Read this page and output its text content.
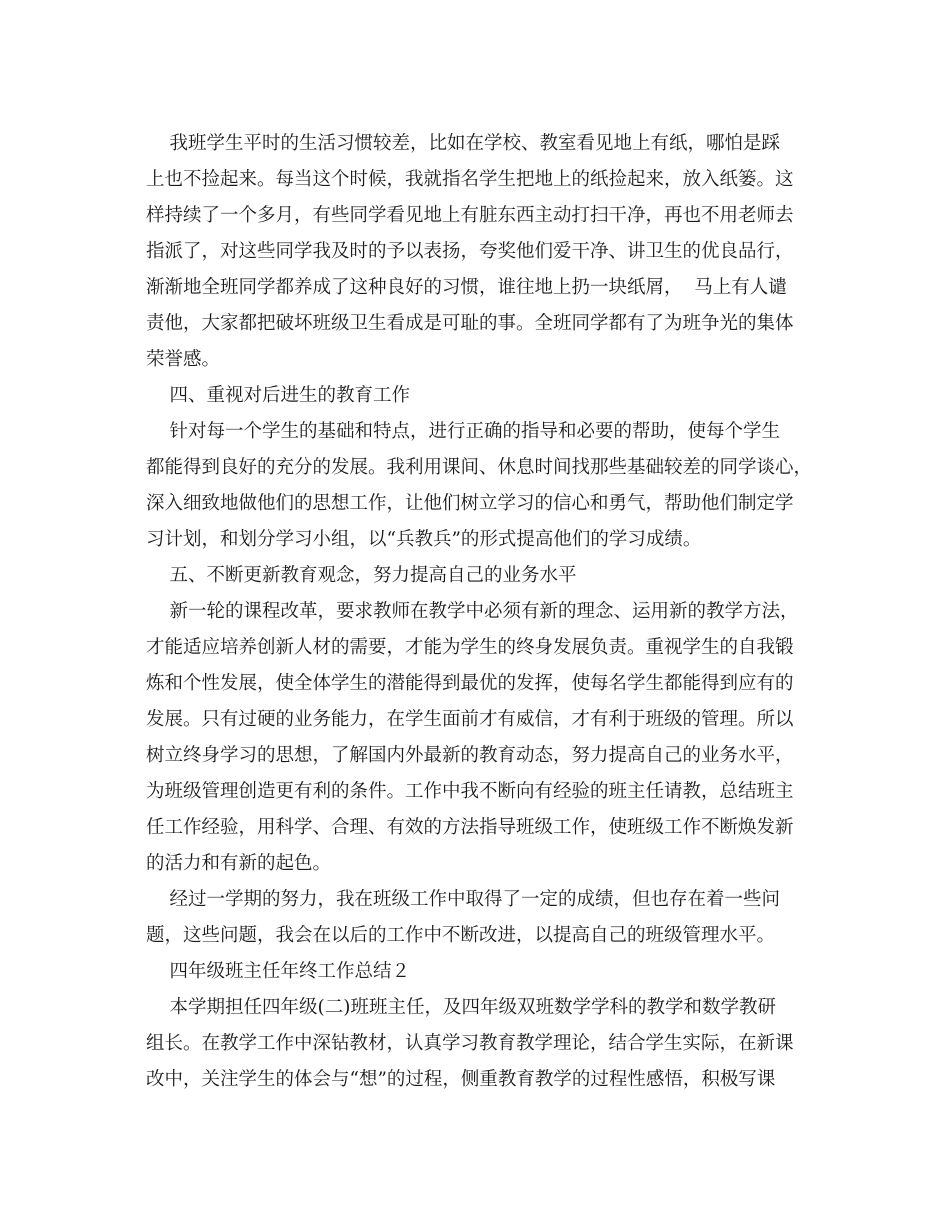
我班学生平时的生活习惯较差，比如在学校、教室看见地上有纸，哪怕是踩
上也不捡起来。每当这个时候，我就指名学生把地上的纸捡起来，放入纸篓。这
样持续了一个多月，有些同学看见地上有脏东西主动打扫干净，再也不用老师去
指派了，对这些同学我及时的予以表扬，夸奖他们爱干净、讲卫生的优良品行，
渐渐地全班同学都养成了这种良好的习惯，谁往地上扔一块纸屑，  马上有人谴
责他，大家都把破坏班级卫生看成是可耻的事。全班同学都有了为班争光的集体
荣誉感。
四、重视对后进生的教育工作
针对每一个学生的基础和特点，进行正确的指导和必要的帮助，使每个学生
都能得到良好的充分的发展。我利用课间、休息时间找那些基础较差的同学谈心，
深入细致地做他们的思想工作，让他们树立学习的信心和勇气，帮助他们制定学
习计划，和划分学习小组，以“兵教兵”的形式提高他们的学习成绩。
五、不断更新教育观念，努力提高自己的业务水平
新一轮的课程改革，要求教师在教学中必须有新的理念、运用新的教学方法，
才能适应培养创新人材的需要，才能为学生的终身发展负责。重视学生的自我锻
炼和个性发展，使全体学生的潜能得到最优的发挥，使每名学生都能得到应有的
发展。只有过硬的业务能力，在学生面前才有威信，才有利于班级的管理。所以
树立终身学习的思想，了解国内外最新的教育动态，努力提高自己的业务水平，
为班级管理创造更有利的条件。工作中我不断向有经验的班主任请教，总结班主
任工作经验，用科学、合理、有效的方法指导班级工作，使班级工作不断焕发新
的活力和有新的起色。
经过一学期的努力，我在班级工作中取得了一定的成绩，但也存在着一些问
题，这些问题，我会在以后的工作中不断改进，以提高自己的班级管理水平。
四年级班主任年终工作总结２
本学期担任四年级(二)班班主任，及四年级双班数学学科的教学和数学教研
组长。在教学工作中深钻教材，认真学习教育教学理论，结合学生实际，在新课
改中，关注学生的体会与“想”的过程，侧重教育教学的过程性感悟，积极写课
